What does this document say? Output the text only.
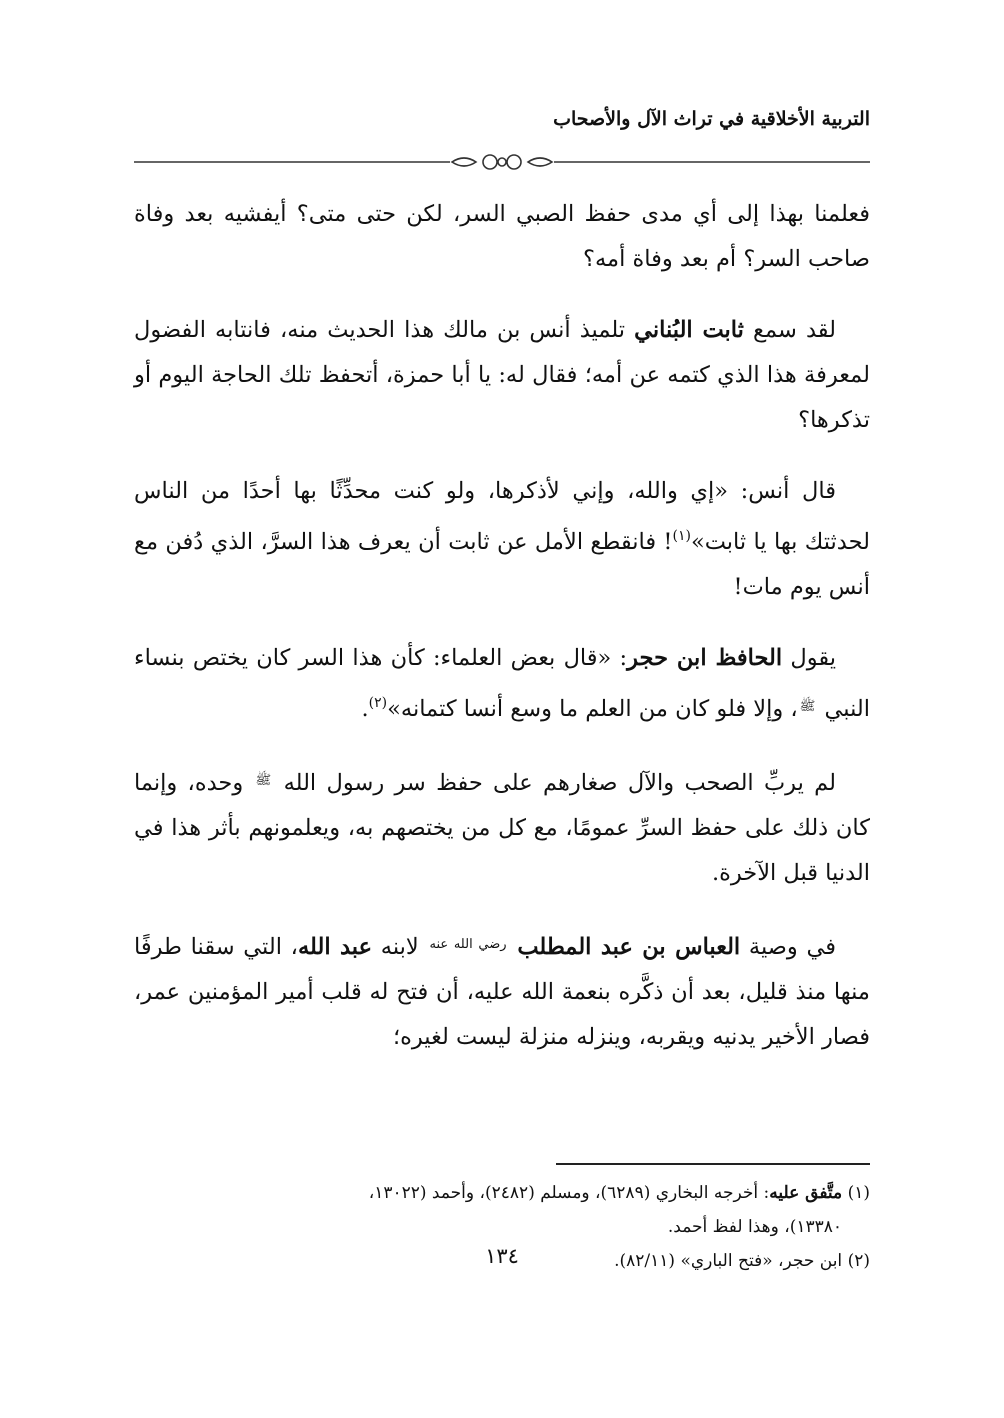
التربية الأخلاقية في تراث الآل والأصحاب

فعلمنا بهذا إلى أي مدى حفظ الصبي السر، لكن حتى متى؟ أيفشيه بعد وفاة صاحب السر؟ أم بعد وفاة أمه؟

لقد سمع ثابت البُناني تلميذ أنس بن مالك هذا الحديث منه، فانتابه الفضول لمعرفة هذا الذي كتمه عن أمه؛ فقال له: يا أبا حمزة، أتحفظ تلك الحاجة اليوم أو تذكرها؟

قال أنس: «إي والله، وإني لأذكرها، ولو كنت محدِّثًا بها أحدًا من الناس لحدثتك بها يا ثابت»$^{(١)}$! فانقطع الأمل عن ثابت أن يعرف هذا السرَّ، الذي دُفن مع أنس يوم مات!

يقول الحافظ ابن حجر: «قال بعض العلماء: كأن هذا السر كان يختص بنساء النبي $^ﷺ$، وإلا فلو كان من العلم ما وسع أنسا كتمانه»$^{(٢)}$.

لم يربِّ الصحب والآل صغارهم على حفظ سر رسول الله $^ﷺ$ وحده، وإنما كان ذلك على حفظ السرِّ عمومًا، مع كل من يختصهم به، ويعلمونهم بأثر هذا في الدنيا قبل الآخرة.

في وصية العباس بن عبد المطلب $^{رضي الله عنه}$ لابنه عبد الله، التي سقنا طرفًا منها منذ قليل، بعد أن ذكَّره بنعمة الله عليه، أن فتح له قلب أمير المؤمنين عمر، فصار الأخير يدنيه ويقربه، وينزله منزلة ليست لغيره؛

(١) متَّفق عليه: أخرجه البخاري (٦٢٨٩)، ومسلم (٢٤٨٢)، وأحمد (١٣٠٢٢،

١٣٣٨٠)، وهذا لفظ أحمد.

(٢) ابن حجر، «فتح الباري» (٨٢/١١).

١٣٤
